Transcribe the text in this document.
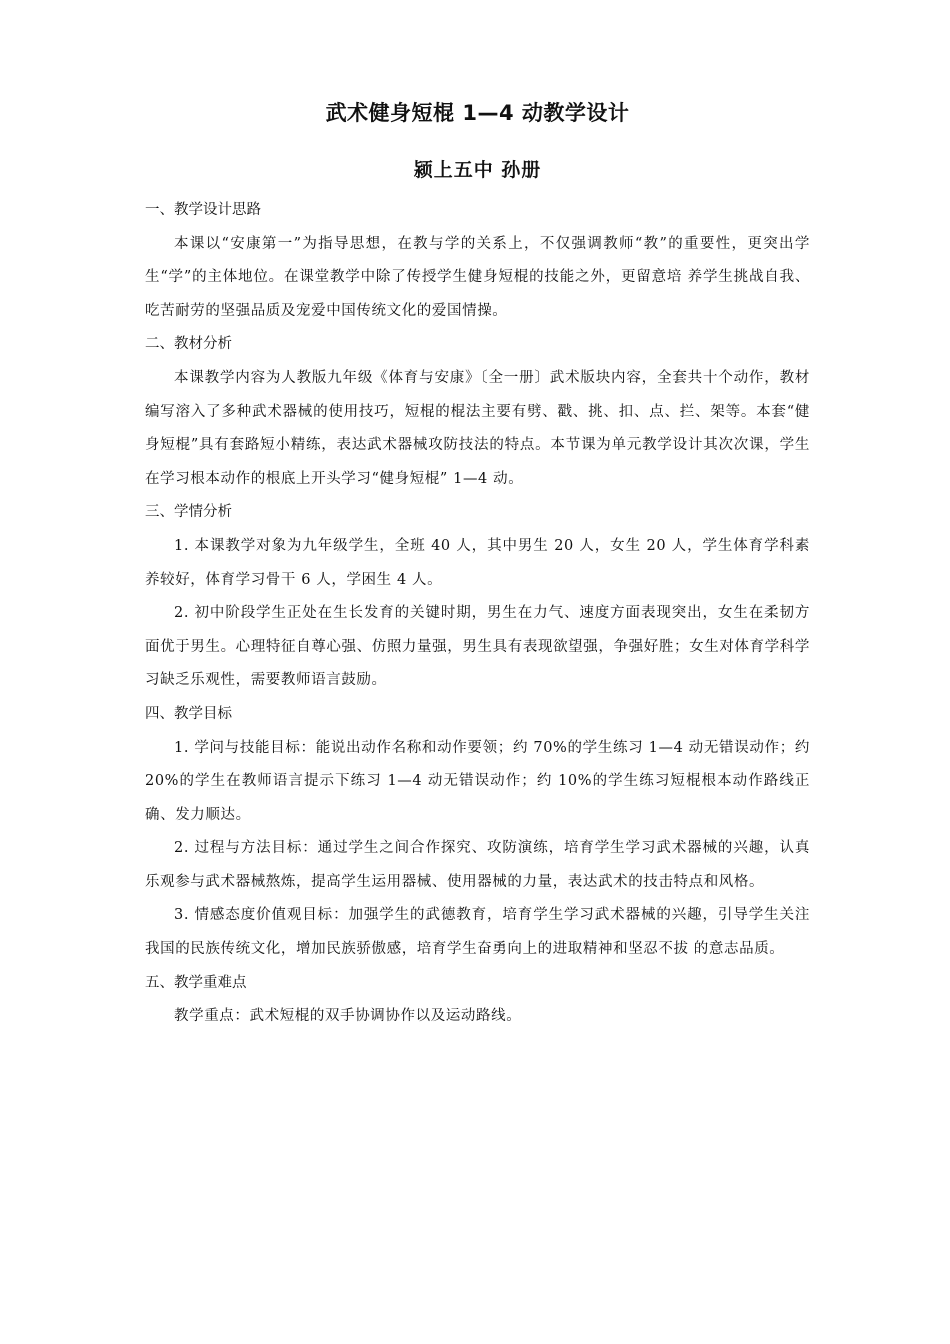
武术健身短棍 1—4 动教学设计
颍上五中 孙册

一、教学设计思路

本课以“安康第一”为指导思想，在教与学的关系上，不仅强调教师“教”的重要性，更突出学生“学”的主体地位。在课堂教学中除了传授学生健身短棍的技能之外，更留意培 养学生挑战自我、吃苦耐劳的坚强品质及宠爱中国传统文化的爱国情操。

二、教材分析

本课教学内容为人教版九年级《体育与安康》〔全一册〕武术版块内容，全套共十个动作，教材编写溶入了多种武术器械的使用技巧，短棍的棍法主要有劈、戳、挑、扣、点、拦、架等。本套“健身短棍”具有套路短小精练，表达武术器械攻防技法的特点。本节课为单元教学设计其次次课，学生在学习根本动作的根底上开头学习“健身短棍” 1—4 动。

三、学情分析

1. 本课教学对象为九年级学生，全班 40 人，其中男生 20 人，女生 20 人，学生体育学科素养较好，体育学习骨干 6 人，学困生 4 人。

2. 初中阶段学生正处在生长发育的关键时期，男生在力气、速度方面表现突出，女生在柔韧方面优于男生。心理特征自尊心强、仿照力量强，男生具有表现欲望强，争强好胜；女生对体育学科学习缺乏乐观性，需要教师语言鼓励。

四、教学目标

1. 学问与技能目标：能说出动作名称和动作要领；约 70%的学生练习 1—4 动无错误动作；约 20%的学生在教师语言提示下练习 1—4 动无错误动作；约 10%的学生练习短棍根本动作路线正确、发力顺达。

2. 过程与方法目标：通过学生之间合作探究、攻防演练，培育学生学习武术器械的兴趣，认真乐观参与武术器械熬炼，提高学生运用器械、使用器械的力量，表达武术的技击特点和风格。

3. 情感态度价值观目标：加强学生的武德教育，培育学生学习武术器械的兴趣，引导学生关注我国的民族传统文化，增加民族骄傲感，培育学生奋勇向上的进取精神和坚忍不拔 的意志品质。

五、教学重难点

教学重点：武术短棍的双手协调协作以及运动路线。
